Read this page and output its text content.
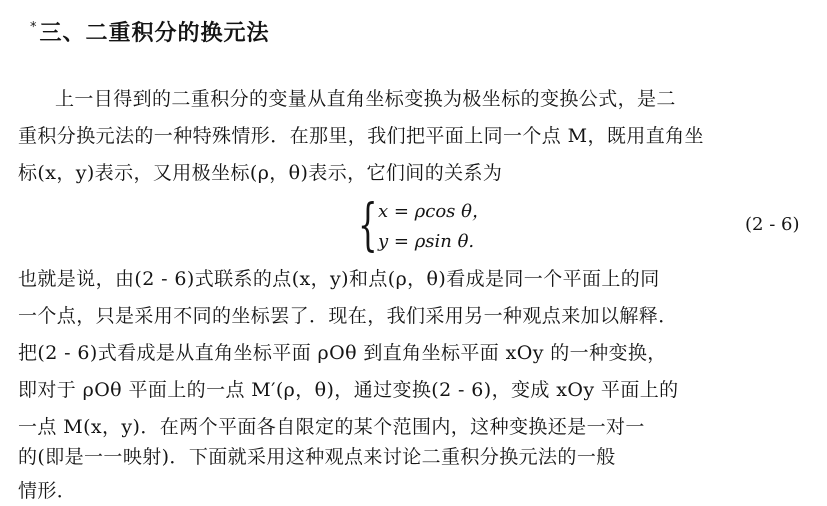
*三、二重积分的换元法
上一目得到的二重积分的变量从直角坐标变换为极坐标的变换公式，是二
重积分换元法的一种特殊情形．在那里，我们把平面上同一个点 M，既用直角坐
标(x，y)表示，又用极坐标(ρ，θ)表示，它们间的关系为
{ x = ρcos θ，
y = ρsin θ.
(2 - 6)
也就是说，由(2 - 6)式联系的点(x，y)和点(ρ，θ)看成是同一个平面上的同
一个点，只是采用不同的坐标罢了．现在，我们采用另一种观点来加以解释．
把(2 - 6)式看成是从直角坐标平面 ρOθ 到直角坐标平面 xOy 的一种变换，
即对于 ρOθ 平面上的一点 M′(ρ，θ)，通过变换(2 - 6)，变成 xOy 平面上的
一点 M(x，y)．在两个平面各自限定的某个范围内，这种变换还是一对一
的(即是一一映射)．下面就采用这种观点来讨论二重积分换元法的一般
情形．
